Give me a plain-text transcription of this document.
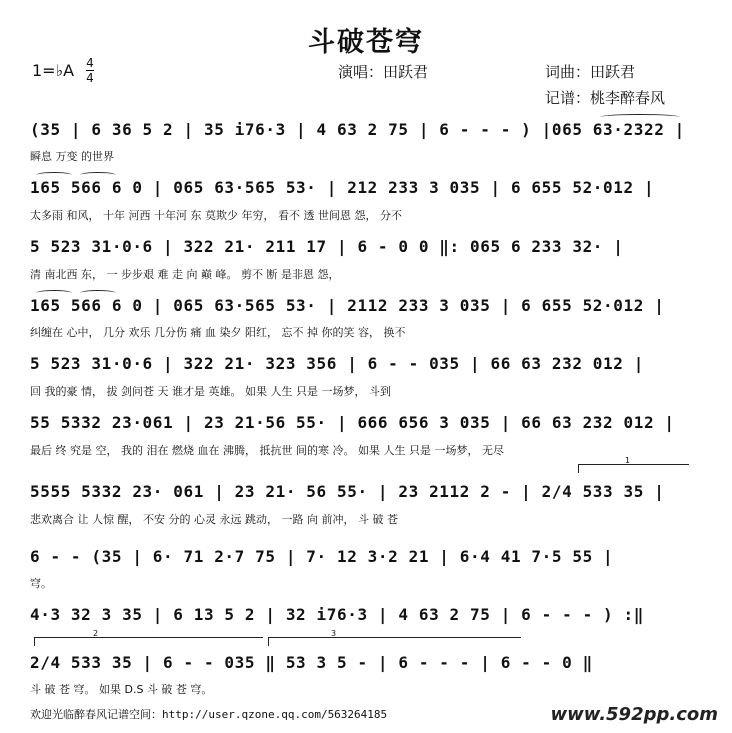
斗破苍穹
1=♭A 4
4	演唱：田跃君	词曲：田跃君
记谱：桃李醉春风
(35 | 6 36 5 2 | 35 i76·3 | 4 63 2 75 | 6 - - - ) |065 63·2322 |
瞬息 万变 的世界
165 566 6 0 | 065 63·565 53· | 212 233 3 035 | 6 655 52·012 |
太多雨 和风， 十年 河西 十年河 东 莫欺少 年穷， 看不 透 世间恩 怨， 分不
5 523 31·0·6 | 322 21· 211 17 | 6 - 0 0 ‖: 065 6 233 32· |
清 南北西 东， 一 步步艰 难 走 向 巅 峰。 剪不 断 是非恩 怨，
165 566 6 0 | 065 63·565 53· | 2112 233 3 035 | 6 655 52·012 |
纠缠在 心中， 几分 欢乐 几分伤 痛 血 染夕 阳红， 忘不 掉 你的笑 容， 换不
5 523 31·0·6 | 322 21· 323 356 | 6 - - 035 | 66 63 232 012 |
回 我的豪 情， 拔 剑问苍 天 谁才是 英雄。 如果 人生 只是 一场梦， 斗到
55 5332 23·061 | 23 21·56 55· | 666 656 3 035 | 66 63 232 012 |
最后 终 究是 空， 我的 泪在 燃烧 血在 沸腾， 抵抗世 间的寒 冷。 如果 人生 只是 一场梦， 无尽
1
5555 5332 23· 061 | 23 21· 56 55· | 23 2112 2 - | 2/4 533 35 |
悲欢离合 让 人惊 醒， 不安 分的 心灵 永远 跳动， 一路 向 前冲， 斗 破 苍
6 - - (35 | 6· 71 2·7 75 | 7· 12 3·2 21 | 6·4 41 7·5 55 |
穹。
4·3 32 3 35 | 6 13 5 2 | 32 i76·3 | 4 63 2 75 | 6 - - - ) :‖
2	3
2/4 533 35 | 6 - - 035 ‖ 53 3 5 - | 6 - - - | 6 - - 0 ‖
斗 破 苍 穹。 如果 D.S 斗 破 苍 穹。
欢迎光临醉春风记谱空间：http://user.qzone.qq.com/563264185	www.592pp.com
